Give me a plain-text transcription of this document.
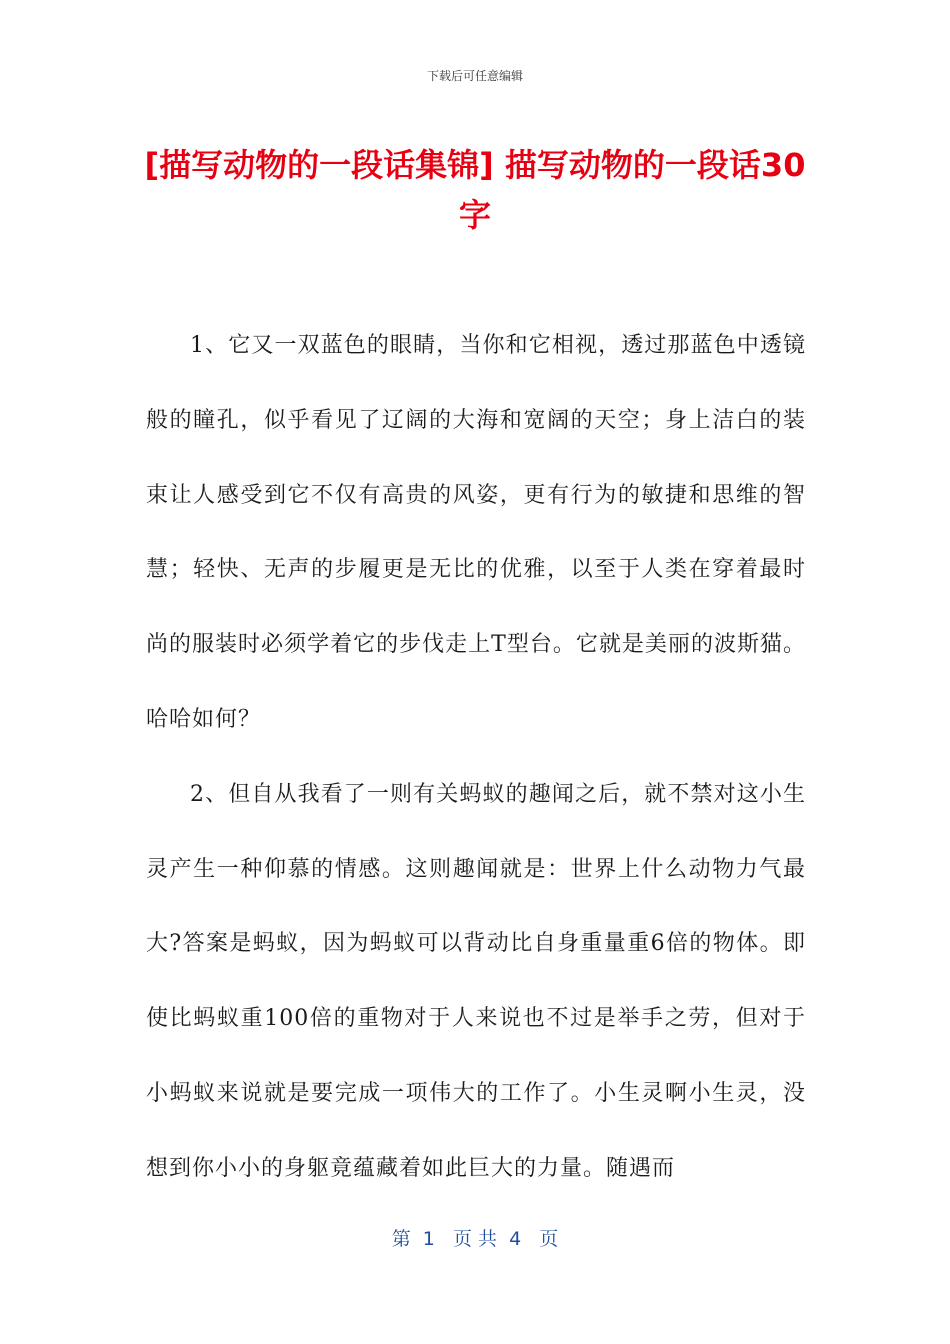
下载后可任意编辑
[描写动物的一段话集锦] 描写动物的一段话30字

1、它又一双蓝色的眼睛，当你和它相视，透过那蓝色中透镜般的瞳孔，似乎看见了辽阔的大海和宽阔的天空；身上洁白的装束让人感受到它不仅有高贵的风姿，更有行为的敏捷和思维的智慧；轻快、无声的步履更是无比的优雅，以至于人类在穿着最时尚的服装时必须学着它的步伐走上T型台。它就是美丽的波斯猫。哈哈如何？

2、但自从我看了一则有关蚂蚁的趣闻之后，就不禁对这小生灵产生一种仰慕的情感。这则趣闻就是：世界上什么动物力气最大?答案是蚂蚁，因为蚂蚁可以背动比自身重量重6倍的物体。即使比蚂蚁重100倍的重物对于人来说也不过是举手之劳，但对于小蚂蚁来说就是要完成一项伟大的工作了。小生灵啊小生灵，没想到你小小的身躯竟蕴藏着如此巨大的力量。随遇而

第  1   页 共  4   页
